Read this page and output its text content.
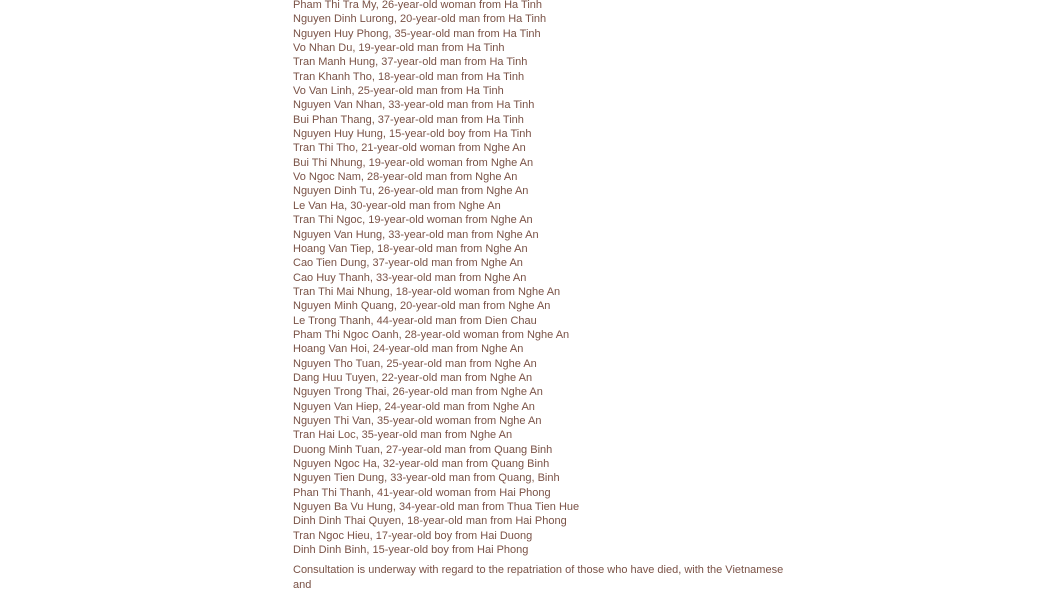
Pham Thi Tra My, 26-year-old woman from Ha Tinh
Nguyen Dinh Lurong, 20-year-old man from Ha Tinh
Nguyen Huy Phong, 35-year-old man from Ha Tinh
Vo Nhan Du, 19-year-old man from Ha Tinh
Tran Manh Hung, 37-year-old man from Ha Tinh
Tran Khanh Tho, 18-year-old man from Ha Tinh
Vo Van Linh, 25-year-old man from Ha Tinh
Nguyen Van Nhan, 33-year-old man from Ha Tinh
Bui Phan Thang, 37-year-old man from Ha Tinh
Nguyen Huy Hung, 15-year-old boy from Ha Tinh
Tran Thi Tho, 21-year-old woman from Nghe An
Bui Thi Nhung, 19-year-old woman from Nghe An
Vo Ngoc Nam, 28-year-old man from Nghe An
Nguyen Dinh Tu, 26-year-old man from Nghe An
Le Van Ha, 30-year-old man from Nghe An
Tran Thi Ngoc, 19-year-old woman from Nghe An
Nguyen Van Hung, 33-year-old man from Nghe An
Hoang Van Tiep, 18-year-old man from Nghe An
Cao Tien Dung, 37-year-old man from Nghe An
Cao Huy Thanh, 33-year-old man from Nghe An
Tran Thi Mai Nhung, 18-year-old woman from Nghe An
Nguyen Minh Quang, 20-year-old man from Nghe An
Le Trong Thanh, 44-year-old man from Dien Chau
Pham Thi Ngoc Oanh, 28-year-old woman from Nghe An
Hoang Van Hoi, 24-year-old man from Nghe An
Nguyen Tho Tuan, 25-year-old man from Nghe An
Dang Huu Tuyen, 22-year-old man from Nghe An
Nguyen Trong Thai, 26-year-old man from Nghe An
Nguyen Van Hiep, 24-year-old man from Nghe An
Nguyen Thi Van, 35-year-old woman from Nghe An
Tran Hai Loc, 35-year-old man from Nghe An
Duong Minh Tuan, 27-year-old man from Quang Binh
Nguyen Ngoc Ha, 32-year-old man from Quang Binh
Nguyen Tien Dung, 33-year-old man from Quang, Binh
Phan Thi Thanh, 41-year-old woman from Hai Phong
Nguyen Ba Vu Hung, 34-year-old man from Thua Tien Hue
Dinh Dinh Thai Quyen, 18-year-old man from Hai Phong
Tran Ngoc Hieu, 17-year-old boy from Hai Duong
Dinh Dinh Binh, 15-year-old boy from Hai Phong

Consultation is underway with regard to the repatriation of those who have died, with the Vietnamese and
